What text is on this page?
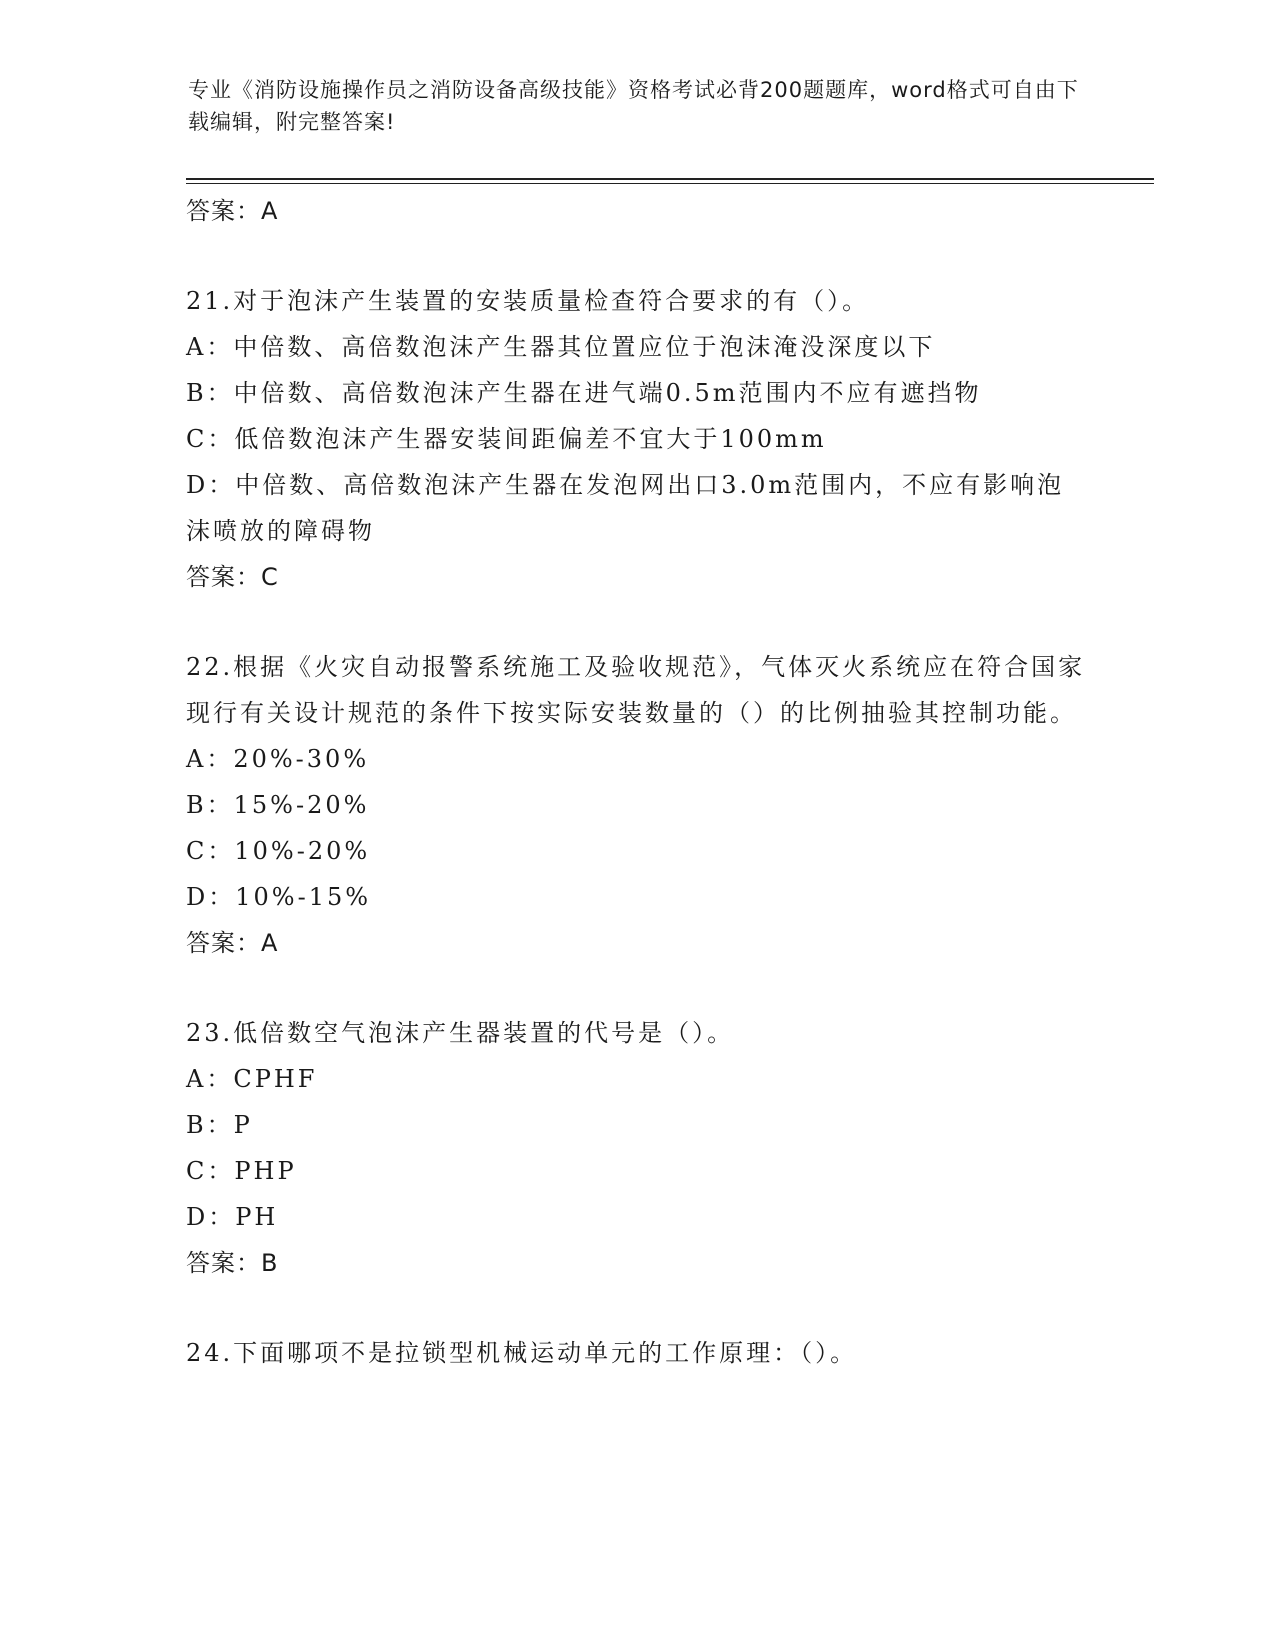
专业《消防设施操作员之消防设备高级技能》资格考试必背200题题库，word格式可自由下载编辑，附完整答案!
答案：A

21.对于泡沫产生装置的安装质量检查符合要求的有（）。

A：中倍数、高倍数泡沫产生器其位置应位于泡沫淹没深度以下
B：中倍数、高倍数泡沫产生器在进气端0.5m范围内不应有遮挡物
C：低倍数泡沫产生器安装间距偏差不宜大于100mm
D：中倍数、高倍数泡沫产生器在发泡网出口3.0m范围内，不应有影响泡沫喷放的障碍物
答案：C

22.根据《火灾自动报警系统施工及验收规范》，气体灭火系统应在符合国家现行有关设计规范的条件下按实际安装数量的（）的比例抽验其控制功能。

A：20%-30%
B：15%-20%
C：10%-20%
D：10%-15%
答案：A

23.低倍数空气泡沫产生器装置的代号是（）。

A：CPHF
B：P
C：PHP
D：PH
答案：B

24.下面哪项不是拉锁型机械运动单元的工作原理：（）。
